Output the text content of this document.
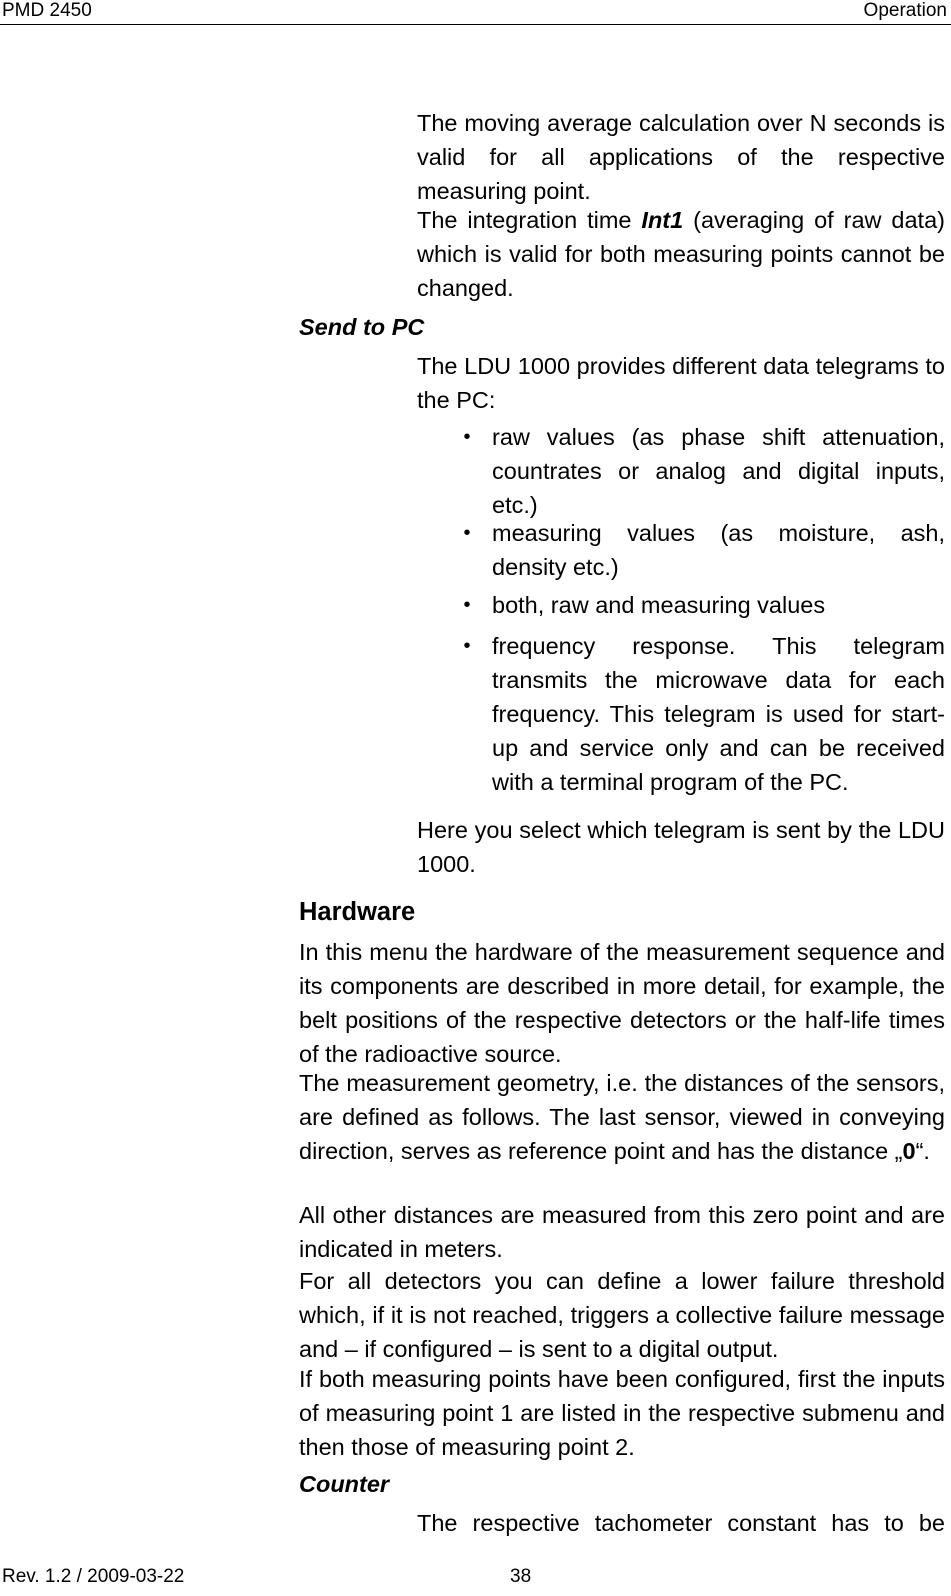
PMD 2450	Operation

The moving average calculation over N seconds is valid for all applications of the respective measuring point.

The integration time Int1 (averaging of raw data) which is valid for both measuring points cannot be changed.

Send to PC

The LDU 1000 provides different data telegrams to the PC:

• raw values (as phase shift attenuation, countrates or analog and digital inputs, etc.)
• measuring values (as moisture, ash, density etc.)
• both, raw and measuring values
• frequency response. This telegram transmits the microwave data for each frequency. This telegram is used for start-up and service only and can be received with a terminal program of the PC.

Here you select which telegram is sent by the LDU 1000.

Hardware

In this menu the hardware of the measurement sequence and its components are described in more detail, for example, the belt positions of the respective detectors or the half-life times of the radioactive source.

The measurement geometry, i.e. the distances of the sensors, are defined as follows. The last sensor, viewed in conveying direction, serves as reference point and has the distance „0“.

All other distances are measured from this zero point and are indicated in meters.

For all detectors you can define a lower failure threshold which, if it is not reached, triggers a collective failure message and – if configured – is sent to a digital output.

If both measuring points have been configured, first the inputs of measuring point 1 are listed in the respective submenu and then those of measuring point 2.

Counter

The respective tachometer constant has to be

Rev. 1.2 / 2009-03-22	38
